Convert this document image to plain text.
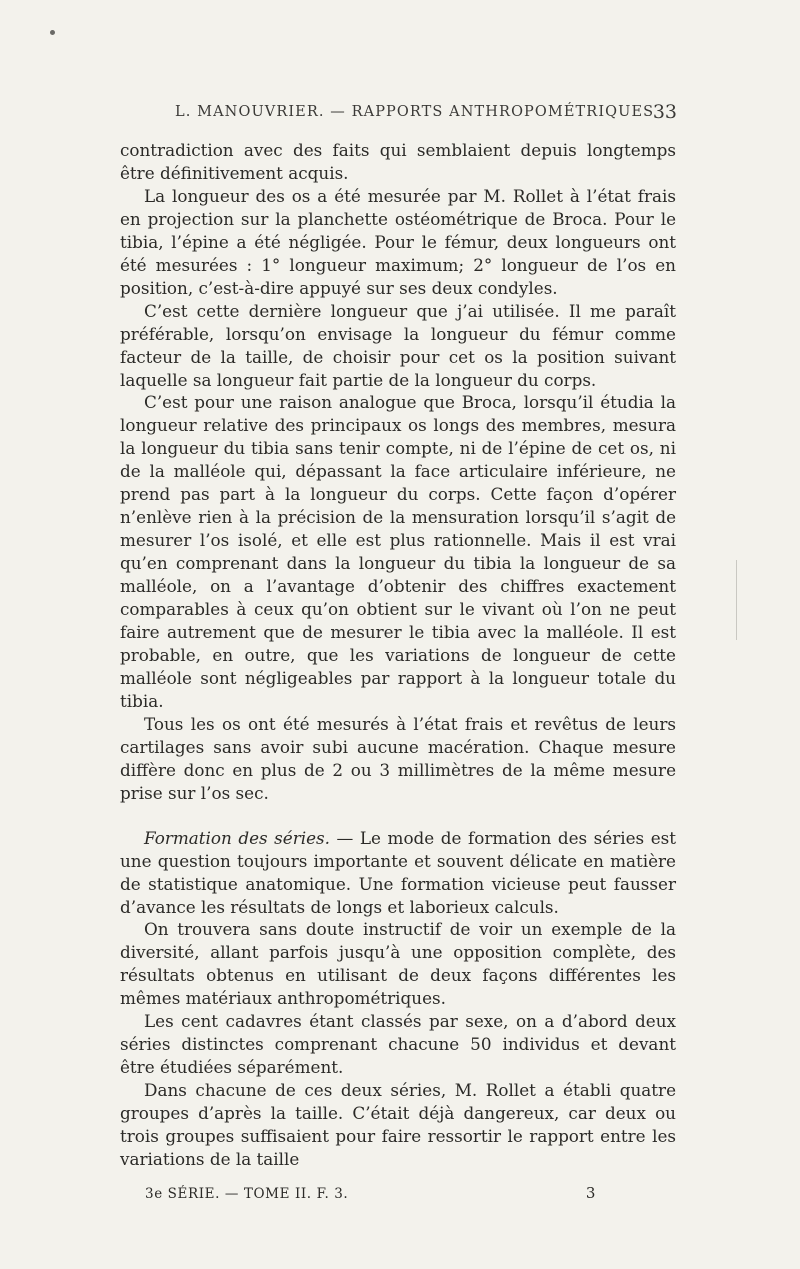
L. MANOUVRIER. — RAPPORTS ANTHROPOMÉTRIQUES
33

contradiction avec des faits qui semblaient depuis longtemps être définitivement acquis.

La longueur des os a été mesurée par M. Rollet à l’état frais en projection sur la planchette ostéométrique de Broca. Pour le tibia, l’épine a été négligée. Pour le fémur, deux longueurs ont été mesurées : 1° longueur maximum; 2° longueur de l’os en position, c’est-à-dire appuyé sur ses deux condyles.

C’est cette dernière longueur que j’ai utilisée. Il me paraît préférable, lorsqu’on envisage la longueur du fémur comme facteur de la taille, de choisir pour cet os la position suivant laquelle sa longueur fait partie de la longueur du corps.

C’est pour une raison analogue que Broca, lorsqu’il étudia la longueur relative des principaux os longs des membres, mesura la longueur du tibia sans tenir compte, ni de l’épine de cet os, ni de la malléole qui, dépassant la face articulaire inférieure, ne prend pas part à la longueur du corps. Cette façon d’opérer n’enlève rien à la précision de la mensuration lorsqu’il s’agit de mesurer l’os isolé, et elle est plus rationnelle. Mais il est vrai qu’en comprenant dans la longueur du tibia la longueur de sa malléole, on a l’avantage d’obtenir des chiffres exactement comparables à ceux qu’on obtient sur le vivant où l’on ne peut faire autrement que de mesurer le tibia avec la malléole. Il est probable, en outre, que les variations de longueur de cette malléole sont négligeables par rapport à la longueur totale du tibia.

Tous les os ont été mesurés à l’état frais et revêtus de leurs cartilages sans avoir subi aucune macération. Chaque mesure diffère donc en plus de 2 ou 3 millimètres de la même mesure prise sur l’os sec.

Formation des séries. — Le mode de formation des séries est une question toujours importante et souvent délicate en matière de statistique anatomique. Une formation vicieuse peut fausser d’avance les résultats de longs et laborieux calculs.

On trouvera sans doute instructif de voir un exemple de la diversité, allant parfois jusqu’à une opposition complète, des résultats obtenus en utilisant de deux façons différentes les mêmes matériaux anthropométriques.

Les cent cadavres étant classés par sexe, on a d’abord deux séries distinctes comprenant chacune 50 individus et devant être étudiées séparément.

Dans chacune de ces deux séries, M. Rollet a établi quatre groupes d’après la taille. C’était déjà dangereux, car deux ou trois groupes suffisaient pour faire ressortir le rapport entre les variations de la taille

3e SÉRIE. — TOME II. F. 3.	3
